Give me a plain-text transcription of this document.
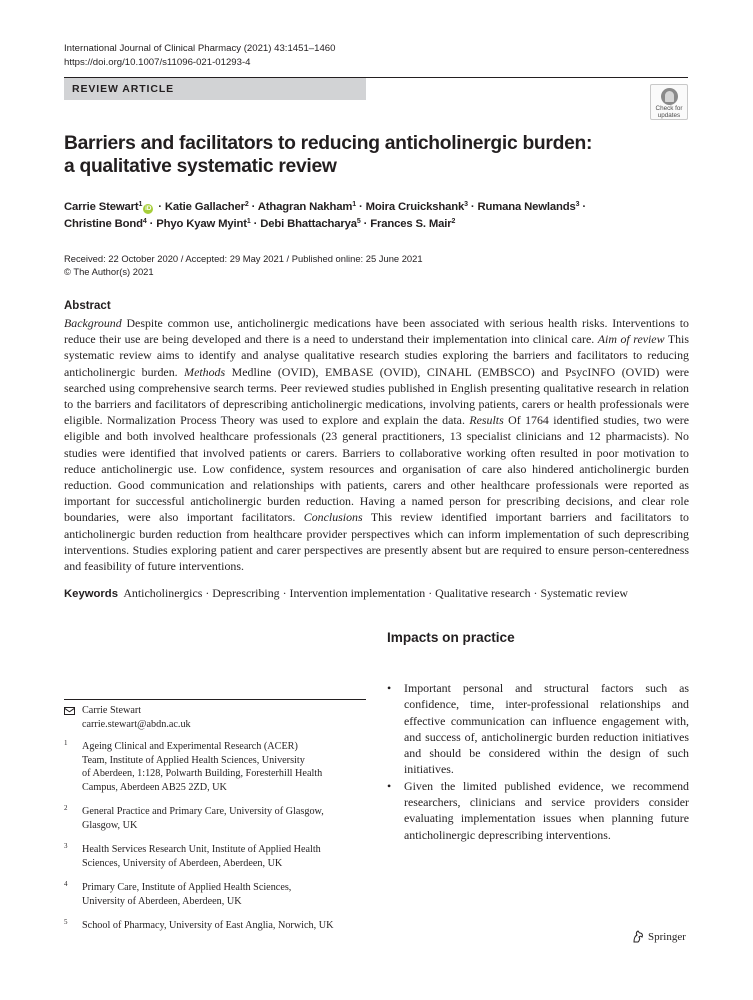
International Journal of Clinical Pharmacy (2021) 43:1451–1460
https://doi.org/10.1007/s11096-021-01293-4
REVIEW ARTICLE
Check for
updates
Barriers and facilitators to reducing anticholinergic burden:
a qualitative systematic review
Carrie Stewart$^1$iD · Katie Gallacher$^2$ · Athagran Nakham$^1$ · Moira Cruickshank$^3$ · Rumana Newlands$^3$ ·
Christine Bond$^4$ · Phyo Kyaw Myint$^1$ · Debi Bhattacharya$^5$ · Frances S. Mair$^2$
Received: 22 October 2020 / Accepted: 29 May 2021 / Published online: 25 June 2021
© The Author(s) 2021
Abstract
Background Despite common use, anticholinergic medications have been associated with serious health risks. Interventions to reduce their use are being developed and there is a need to understand their implementation into clinical care. Aim of review This systematic review aims to identify and analyse qualitative research studies exploring the barriers and facilitators to reducing anticholinergic burden. Methods Medline (OVID), EMBASE (OVID), CINAHL (EMBSCO) and PsycINFO (OVID) were searched using comprehensive search terms. Peer reviewed studies published in English presenting qualitative research in relation to the barriers and facilitators of deprescribing anticholinergic medications, involving patients, carers or health professionals were eligible. Normalization Process Theory was used to explore and explain the data. Results Of 1764 identified studies, two were eligible and both involved healthcare professionals (23 general practitioners, 13 specialist clinicians and 12 pharmacists). No studies were identified that involved patients or carers. Barriers to collaborative working often resulted in poor motivation to reduce anticholinergic use. Low confidence, system resources and organisation of care also hindered anticholinergic burden reduction. Good communication and relationships with patients, carers and other healthcare professionals were reported as important for successful anticholinergic burden reduction. Having a named person for prescribing decisions, and clear role boundaries, were also important facilitators. Conclusions This review identified important barriers and facilitators to anticholinergic burden reduction from healthcare provider perspectives which can inform implementation of such deprescribing interventions. Studies exploring patient and carer perspectives are presently absent but are required to ensure person-centeredness and feasibility of future interventions.
Keywords Anticholinergics · Deprescribing · Intervention implementation · Qualitative research · Systematic review
Impacts on practice
• Important personal and structural factors such as confidence, time, inter-professional relationships and effective communication can influence engagement with, and success of, anticholinergic burden reduction initiatives and should be considered within the design of such initiatives.
• Given the limited published evidence, we recommend researchers, clinicians and service providers consider evaluating implementation issues when planning future anticholinergic deprescribing interventions.
Carrie Stewart
carrie.stewart@abdn.ac.uk
1 Ageing Clinical and Experimental Research (ACER)
Team, Institute of Applied Health Sciences, University
of Aberdeen, 1:128, Polwarth Building, Foresterhill Health
Campus, Aberdeen AB25 2ZD, UK
2 General Practice and Primary Care, University of Glasgow,
Glasgow, UK
3 Health Services Research Unit, Institute of Applied Health
Sciences, University of Aberdeen, Aberdeen, UK
4 Primary Care, Institute of Applied Health Sciences,
University of Aberdeen, Aberdeen, UK
5 School of Pharmacy, University of East Anglia, Norwich, UK
Springer
